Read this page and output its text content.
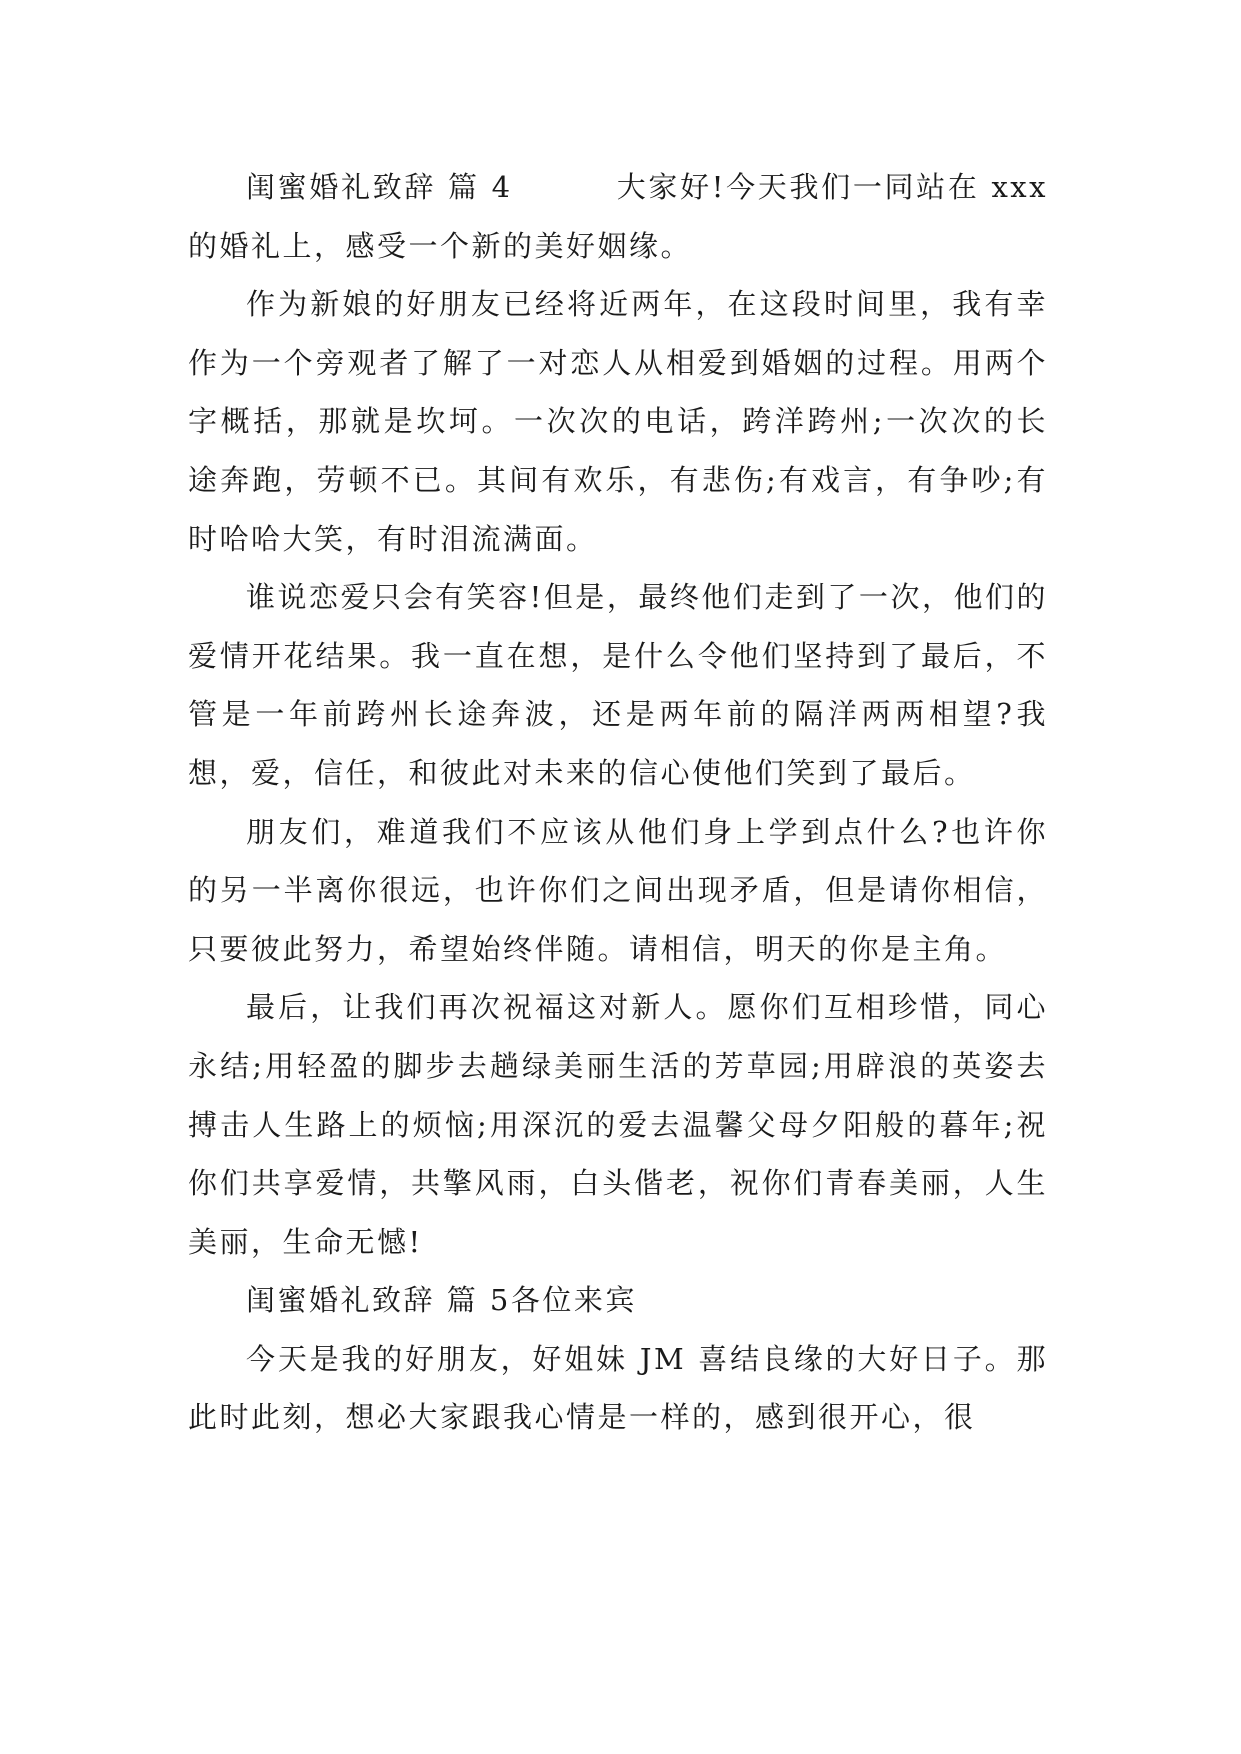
闺蜜婚礼致辞 篇 4	大家好!今天我们一同站在 xxx 的婚礼上，感受一个新的美好姻缘。

作为新娘的好朋友已经将近两年，在这段时间里，我有幸作为一个旁观者了解了一对恋人从相爱到婚姻的过程。用两个字概括，那就是坎坷。一次次的电话，跨洋跨州;一次次的长途奔跑，劳顿不已。其间有欢乐，有悲伤;有戏言，有争吵;有时哈哈大笑，有时泪流满面。

谁说恋爱只会有笑容!但是，最终他们走到了一次，他们的爱情开花结果。我一直在想，是什么令他们坚持到了最后，不管是一年前跨州长途奔波，还是两年前的隔洋两两相望?我想，爱，信任，和彼此对未来的信心使他们笑到了最后。

朋友们，难道我们不应该从他们身上学到点什么?也许你的另一半离你很远，也许你们之间出现矛盾，但是请你相信，只要彼此努力，希望始终伴随。请相信，明天的你是主角。

最后，让我们再次祝福这对新人。愿你们互相珍惜，同心永结;用轻盈的脚步去趟绿美丽生活的芳草园;用辟浪的英姿去搏击人生路上的烦恼;用深沉的爱去温馨父母夕阳般的暮年;祝你们共享爱情，共擎风雨，白头偕老，祝你们青春美丽，人生美丽，生命无憾!

闺蜜婚礼致辞 篇 5各位来宾

今天是我的好朋友，好姐妹 JM 喜结良缘的大好日子。那此时此刻，想必大家跟我心情是一样的，感到很开心，很
